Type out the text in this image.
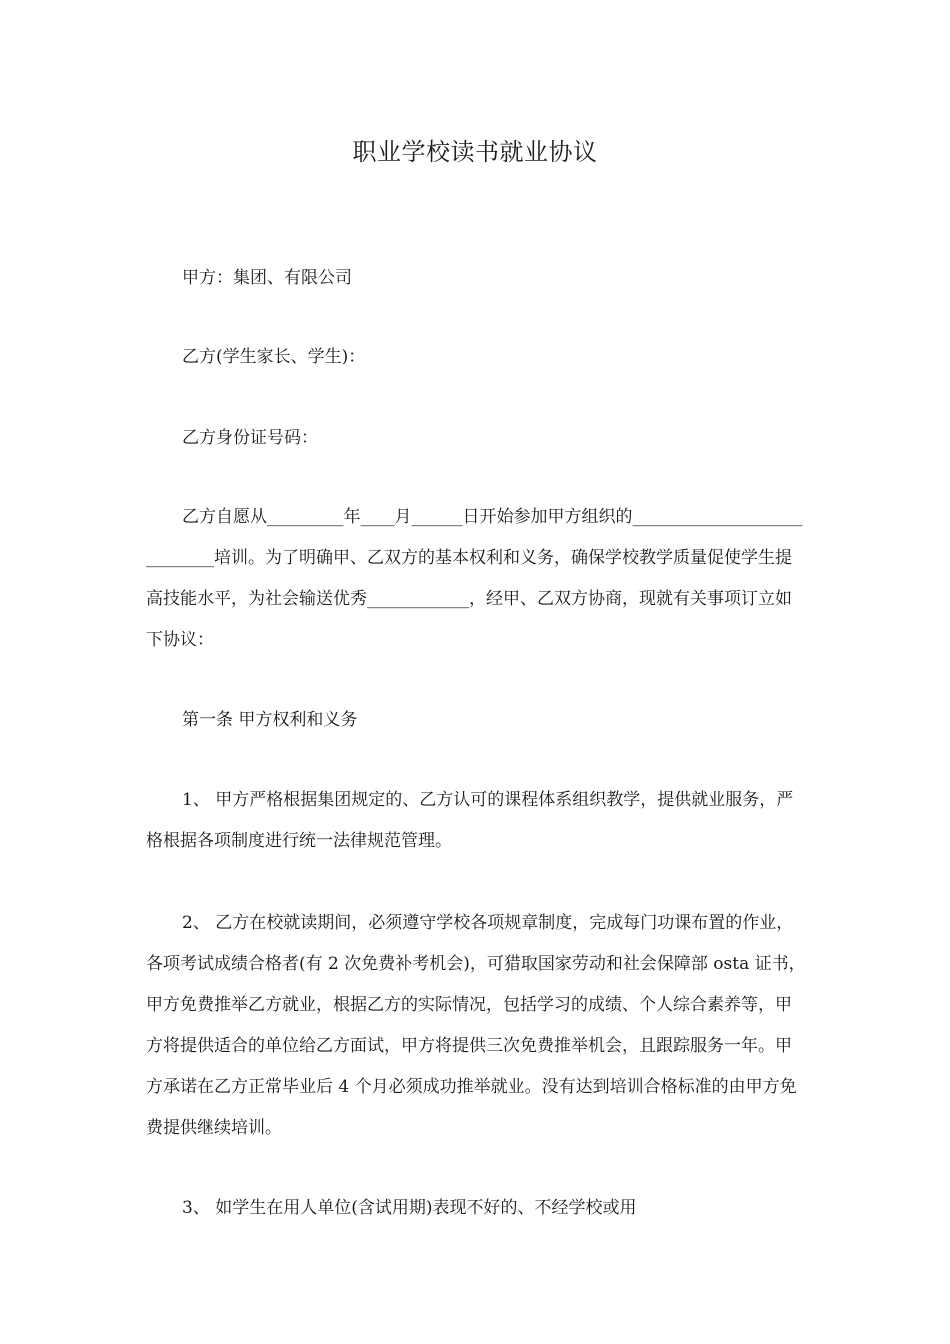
职业学校读书就业协议

甲方：集团、有限公司

乙方(学生家长、学生)：

乙方身份证号码：

乙方自愿从_________年____月______日开始参加甲方组织的____________________________培训。为了明确甲、乙双方的基本权利和义务，确保学校教学质量促使学生提高技能水平，为社会输送优秀____________，经甲、乙双方协商，现就有关事项订立如下协议：

第一条 甲方权利和义务

1、 甲方严格根据集团规定的、乙方认可的课程体系组织教学，提供就业服务，严格根据各项制度进行统一法律规范管理。

2、 乙方在校就读期间，必须遵守学校各项规章制度，完成每门功课布置的作业，各项考试成绩合格者(有 2 次免费补考机会)，可猎取国家劳动和社会保障部 osta 证书，甲方免费推举乙方就业，根据乙方的实际情况，包括学习的成绩、个人综合素养等，甲方将提供适合的单位给乙方面试，甲方将提供三次免费推举机会，且跟踪服务一年。甲方承诺在乙方正常毕业后 4 个月必须成功推举就业。没有达到培训合格标准的由甲方免费提供继续培训。

3、 如学生在用人单位(含试用期)表现不好的、不经学校或用
